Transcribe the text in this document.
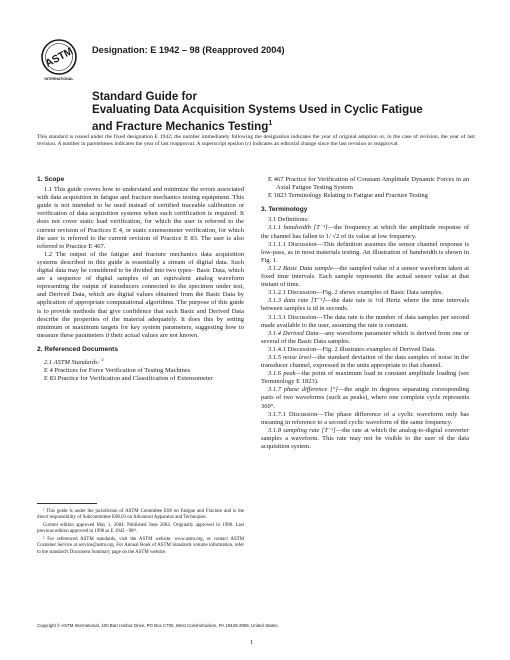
ASTM
INTERNATIONAL
Designation: E 1942 – 98 (Reapproved 2004)
Standard Guide for
Evaluating Data Acquisition Systems Used in Cyclic Fatigue
and Fracture Mechanics Testing$^1$
This standard is issued under the fixed designation E 1942; the number immediately following the designation indicates the year of original adoption or, in the case of revision, the year of last revision. A number in parentheses indicates the year of last reapproval. A superscript epsilon (ε) indicates an editorial change since the last revision or reapproval.
1. Scope

1.1 This guide covers how to understand and minimize the errors associated with data acquisition in fatigue and fracture mechanics testing equipment. This guide is not intended to be used instead of certified traceable calibration or verification of data acquisition systems when such certification is required. It does not cover static load verification, for which the user is referred to the current revision of Practices E 4, or static extensometer verification, for which the user is referred to the current revision of Practice E 83. The user is also referred to Practice E 467.

1.2 The output of the fatigue and fracture mechanics data acquisition systems described in this guide is essentially a stream of digital data. Such digital data may be considered to be divided into two types– Basic Data, which are a sequence of digital samples of an equivalent analog waveform representing the output of transducers connected to the specimen under test, and Derived Data, which are digital values obtained from the Basic Data by application of appropriate computational algorithms. The purpose of this guide is to provide methods that give confidence that such Basic and Derived Data describe the properties of the material adequately. It does this by setting minimum or maximum targets for key system parameters, suggesting how to measure these parameters if their actual values are not known.

2. Referenced Documents

2.1 ASTM Standards: $^2$

E 4 Practices for Force Verification of Testing Machines

E 83 Practice for Verification and Classification of Extensometer

E 467 Practice for Verification of Constant Amplitude Dynamic Forces in an Axial Fatigue Testing System

E 1823 Terminology Relating to Fatigue and Fracture Testing

3. Terminology

3.1 Definitions:

3.1.1 bandwidth [T⁻¹]—the frequency at which the amplitude response of the channel has fallen to 1/ √2 of its value at low frequency.

3.1.1.1 Discussion—This definition assumes the sensor channel response is low-pass, as in most materials testing. An illustration of bandwidth is shown in Fig. 1.

3.1.2 Basic Data sample—the sampled value of a sensor waveform taken at fixed time intervals. Each sample represents the actual sensor value at that instant of time.

3.1.2.1 Discussion—Fig. 2 shows examples of Basic Data samples.

3.1.3 data rate [T⁻¹]—the date rate is ¹⁄ₜd Hertz where the time intervals between samples is td in seconds.

3.1.3.1 Discussion—The data rate is the number of data samples per second made available to the user, assuming the rate is constant.

3.1.4 Derived Data—any waveform parameter which is derived from one or several of the Basic Data samples.

3.1.4.1 Discussion—Fig. 2 illustrates examples of Derived Data.

3.1.5 noise level—the standard deviation of the data samples of noise in the transducer channel, expressed in the units appropriate to that channel.

3.1.6 peak—the point of maximum load in constant amplitude loading (see Terminology E 1823).

3.1.7 phase difference [°]—the angle in degrees separating corresponding parts of two waveforms (such as peaks), where one complete cycle represents 360°.

3.1.7.1 Discussion—The phase difference of a cyclic waveform only has meaning in reference to a second cyclic waveform of the same frequency.

3.1.8 sampling rate [T⁻¹]—the rate at which the analog-to-digital converter samples a waveform. This rate may not be visible to the user of the data acquisition system.

¹ This guide is under the jurisdiction of ASTM Committee E08 on Fatigue and Fracture and is the direct responsibility of Subcommittee E08.03 on Advanced Apparatus and Techniques.

Current edition approved May 1, 2004. Published June 2004. Originally approved in 1998. Last previous edition approved in 1998 as E 1942 - 98ᵉ¹.

² For referenced ASTM standards, visit the ASTM website, www.astm.org, or contact ASTM Customer Service at service@astm.org. For Annual Book of ASTM Standards volume information, refer to the standard's Document Summary page on the ASTM website.

Copyright © ASTM International, 100 Barr Harbor Drive, PO Box C700, West Conshohocken, PA 19428-2959, United States.
1
